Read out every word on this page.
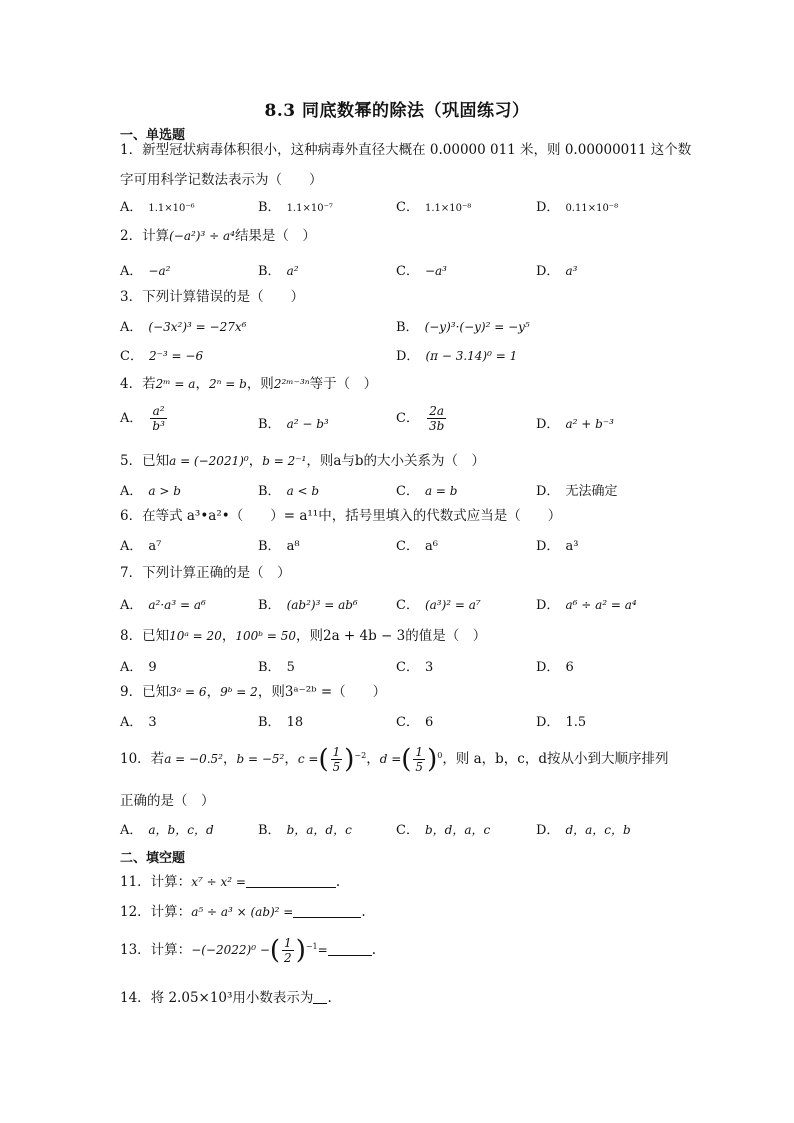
8.3 同底数幂的除法（巩固练习）
一、单选题
1．新型冠状病毒体积很小，这种病毒外直径大概在 0.00000 011 米，则 0.00000011 这个数
字可用科学记数法表示为（　　）
A． 1.1×10⁻⁶	B． 1.1×10⁻⁷	C． 1.1×10⁻⁸	D． 0.11×10⁻⁸
2．计算(−a²)³ ÷ a⁴结果是（　）
A． −a²	B． a²	C． −a³	D． a³
3．下列计算错误的是（　　）
A． (−3x²)³ = −27x⁶	B． (−y)³·(−y)² = −y⁵
C． 2⁻³ = −6	D． (π − 3.14)⁰ = 1
4．若2ᵐ = a，2ⁿ = b，则2²ᵐ⁻³ⁿ等于（　）
A． $\frac{\text{a²}}{\text{b³}}$	B． a² − b³	C． $\frac{2a}{3b}$	D． a² + b⁻³
5．已知a = (−2021)⁰，b = 2⁻¹，则a与b的大小关系为（　）
A． a > b	B． a < b	C． a = b	D． 无法确定
6．在等式 a³•a²•（　　）= a¹¹中，括号里填入的代数式应当是（　　）
A． a⁷	B． a⁸	C． a⁶	D． a³
7．下列计算正确的是（　）
A． a²·a³ = a⁶	B． (ab²)³ = ab⁶	C． (a³)² = a⁷	D． a⁶ ÷ a² = a⁴
8．已知10ᵃ = 20，100ᵇ = 50，则2a + 4b − 3的值是（　）
A． 9	B． 5	C． 3	D． 6
9．已知3ᵃ = 6，9ᵇ = 2，则3ᵃ⁻²ᵇ =（　　）
A． 3	B． 18	C． 6	D． 1.5
10．若a = −0.5²，b = −5²，c =( $\frac{1}{5} )^{-2}$，d =( $\frac{1}{5} )^0$，则 a，b，c，d按从小到大顺序排列
正确的是（　）
A． a，b，c，d	B． b，a，d，c	C． b，d，a，c	D． d，a，c，b
二、填空题
11．计算：x⁷ ÷ x² =	.
12．计算：a⁵ ÷ a³ × (ab)² =	.
13．计算：−(−2022)⁰ −( $\frac{1}{2} )^{-1}=$	.
14．将 2.05×10³用小数表示为 .
